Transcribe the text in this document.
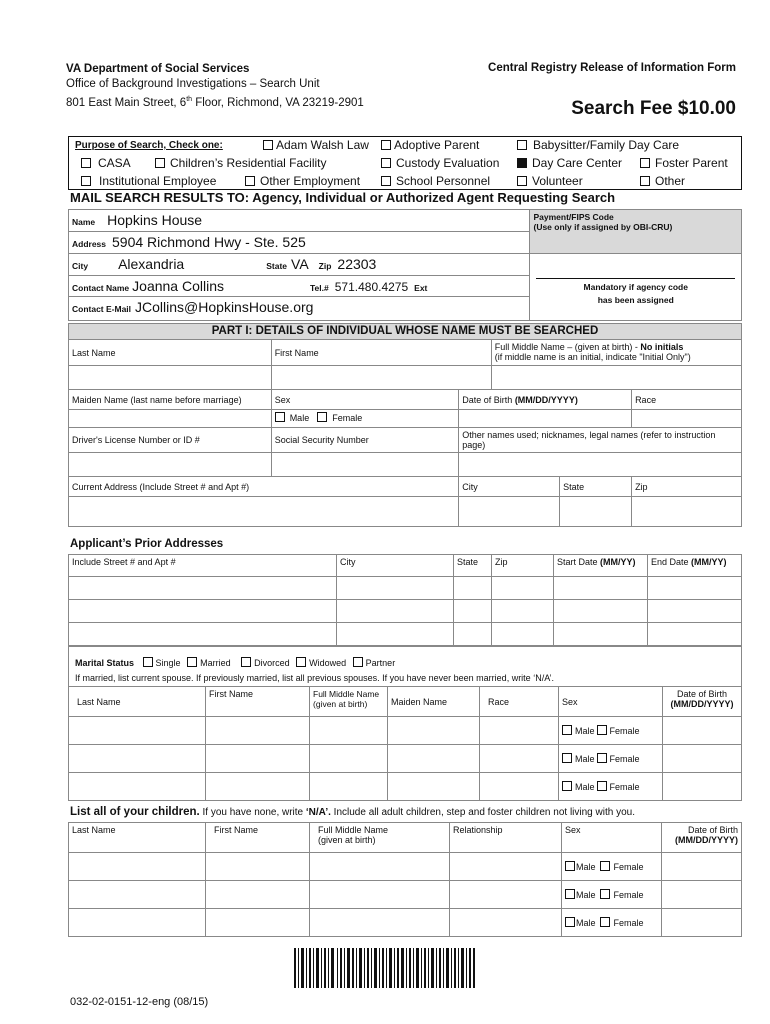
VA Department of Social Services
Office of Background Investigations – Search Unit
801 East Main Street, 6th Floor, Richmond, VA 23219-2901
Central Registry Release of Information Form
Search Fee $10.00
Purpose of Search, Check one:	Adam Walsh Law	Adoptive Parent	Babysitter/Family Day Care
CASA	Children’s Residential Facility	Custody Evaluation	Day Care Center	Foster Parent
Institutional Employee	Other Employment	School Personnel	Volunteer	Other
MAIL SEARCH RESULTS TO: Agency, Individual or Authorized Agent Requesting Search
Name Hopkins House	Payment/FIPS Code
(Use only if assigned by OBI-CRU)

Address 5904 Richmond Hwy - Ste. 525	
City Alexandria State VA Zip 22303	Mandatory if agency code
has been assigned

Contact Name Joanna Collins Tel.# 571.480.4275 Ext	
Contact E-Mail JCollins@HopkinsHouse.org	
PART I: DETAILS OF INDIVIDUAL WHOSE NAME MUST BE SEARCHED					
Last Name	First Name		Full Middle Name – (given at birth) - No initials
(if middle name is an initial, indicate "Initial Only")		

Maiden Name (last name before marriage)	Sex	Date of Birth (MM/DD/YYYY)			Race
	Male Female				
Driver's License Number or ID #	Social Security Number	Other names used; nicknames, legal names (refer to instruction page)			

Current Address (Include Street # and Apt #)		City		State	Zip

Applicant’s Prior Addresses
Include Street # and Apt #	City	State	Zip	Start Date (MM/YY)	End Date (MM/YY)

Marital Status Single Married	Divorced Widowed Partner
If married, list current spouse. If previously married, list all previous spouses. If you have never been married, write ‘N/A’.
Last Name	First Name	Full Middle Name
(given at birth)	Maiden Name	Race	Sex	Date of Birth
(MM/DD/YYYY)
					Male Female	
					Male Female	
					Male Female	
List all of your children. If you have none, write ‘N/A’. Include all adult children, step and foster children not living with you.
Last Name	First Name	Full Middle Name
(given at birth)	Relationship	Sex	Date of Birth
(MM/DD/YYYY)
				Male Female	
				Male Female	
				Male Female	
032-02-0151-12-eng (08/15)
